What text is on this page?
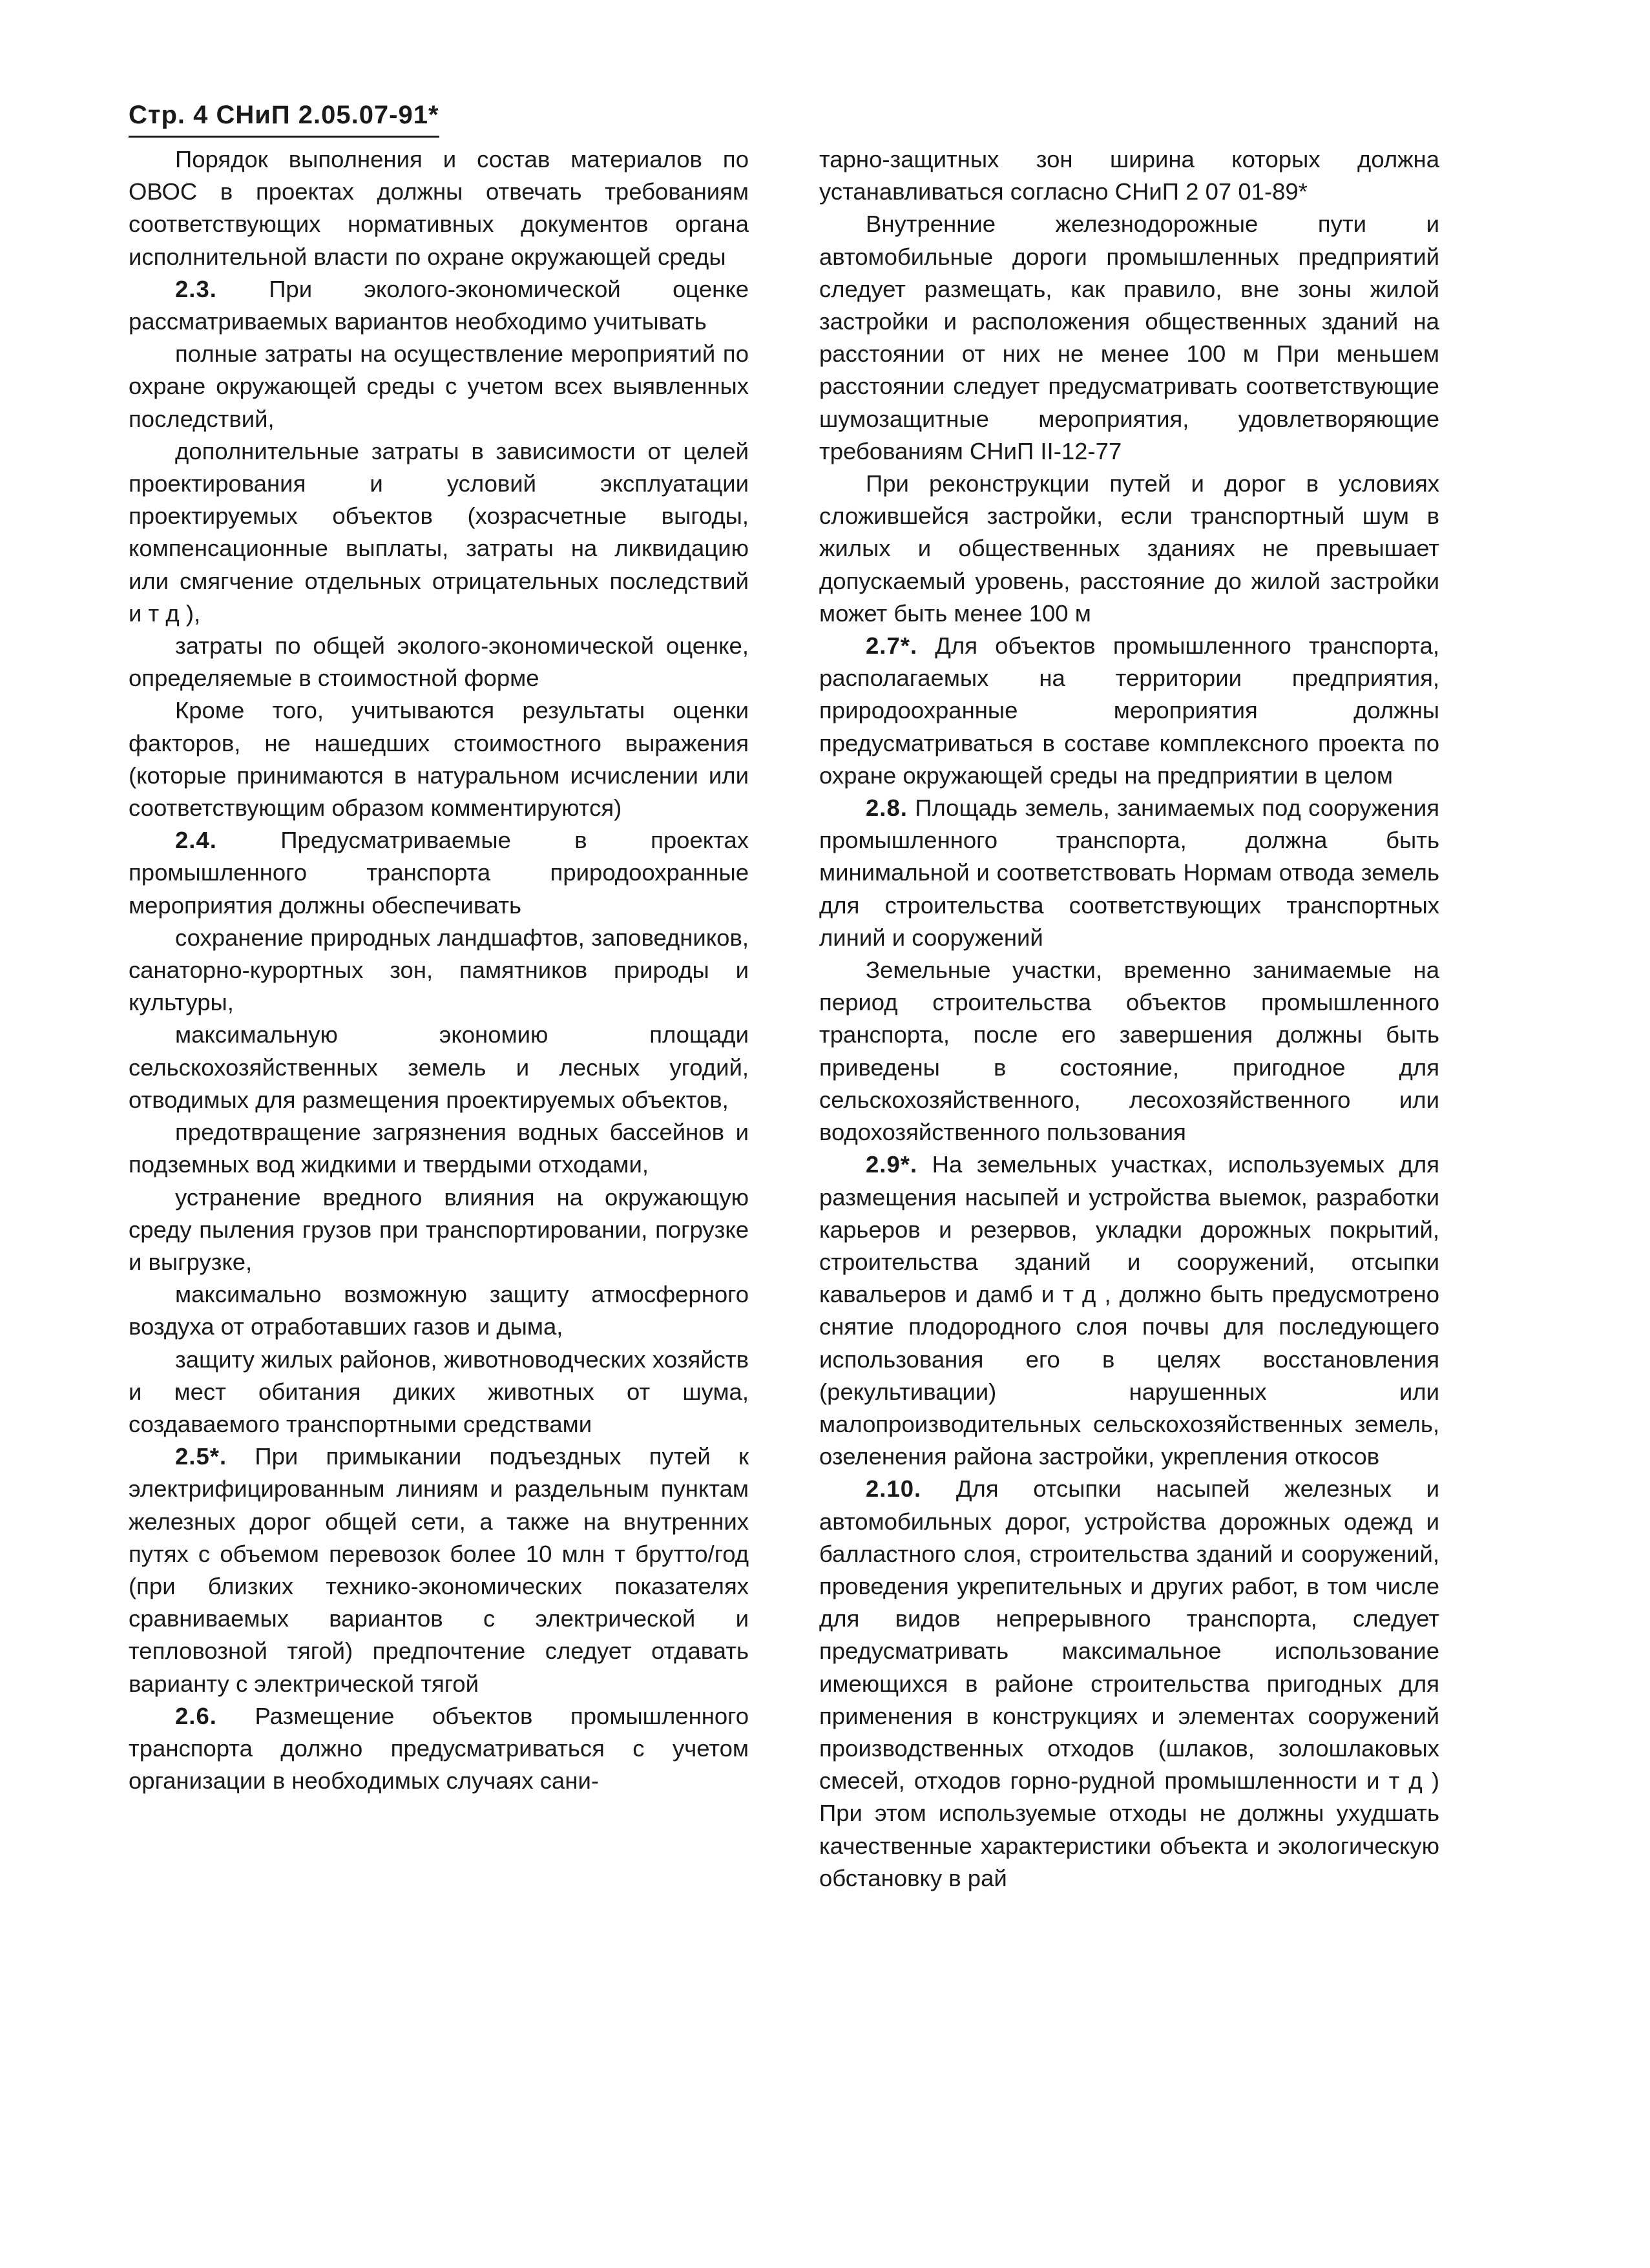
Стр. 4 СНиП 2.05.07-91*

Порядок выполнения и состав материалов по ОВОС в проектах должны отвечать требованиям соответствующих нормативных документов органа исполнительной власти по охране окружающей среды

2.3. При эколого-экономической оценке рассматриваемых вариантов необходимо учитывать

полные затраты на осуществление мероприятий по охране окружающей среды с учетом всех выявленных последствий,

дополнительные затраты в зависимости от целей проектирования и условий эксплуатации проектируемых объектов (хозрасчетные выгоды, компенсационные выплаты, затраты на ликвидацию или смягчение отдельных отрицательных последствий и т д ),

затраты по общей эколого-экономической оценке, определяемые в стоимостной форме

Кроме того, учитываются результаты оценки факторов, не нашедших стоимостного выражения (которые принимаются в натуральном исчислении или соответствующим образом комментируются)

2.4. Предусматриваемые в проектах промышленного транспорта природоохранные мероприятия должны обеспечивать

сохранение природных ландшафтов, заповедников, санаторно-курортных зон, памятников природы и культуры,

максимальную экономию площади сельскохозяйственных земель и лесных угодий, отводимых для размещения проектируемых объектов,

предотвращение загрязнения водных бассейнов и подземных вод жидкими и твердыми отходами,

устранение вредного влияния на окружающую среду пыления грузов при транспортировании, погрузке и выгрузке,

максимально возможную защиту атмосферного воздуха от отработавших газов и дыма,

защиту жилых районов, животноводческих хозяйств и мест обитания диких животных от шума, создаваемого транспортными средствами

2.5*. При примыкании подъездных путей к электрифицированным линиям и раздельным пунктам железных дорог общей сети, а также на внутренних путях с объемом перевозок более 10 млн т брутто/год (при близких технико-экономических показателях сравниваемых вариантов с электрической и тепловозной тягой) предпочтение следует отдавать варианту с электрической тягой

2.6. Размещение объектов промышленного транспорта должно предусматриваться с учетом организации в необходимых случаях сани-

тарно-защитных зон ширина которых должна устанавливаться согласно СНиП 2 07 01-89*

Внутренние железнодорожные пути и автомобильные дороги промышленных предприятий следует размещать, как правило, вне зоны жилой застройки и расположения общественных зданий на расстоянии от них не менее 100 м При меньшем расстоянии следует предусматривать соответствующие шумозащитные мероприятия, удовлетворяющие требованиям СНиП II-12-77

При реконструкции путей и дорог в условиях сложившейся застройки, если транспортный шум в жилых и общественных зданиях не превышает допускаемый уровень, расстояние до жилой застройки может быть менее 100 м

2.7*. Для объектов промышленного транспорта, располагаемых на территории предприятия, природоохранные мероприятия должны предусматриваться в составе комплексного проекта по охране окружающей среды на предприятии в целом

2.8. Площадь земель, занимаемых под сооружения промышленного транспорта, должна быть минимальной и соответствовать Нормам отвода земель для строительства соответствующих транспортных линий и сооружений

Земельные участки, временно занимаемые на период строительства объектов промышленного транспорта, после его завершения должны быть приведены в состояние, пригодное для сельскохозяйственного, лесохозяйственного или водохозяйственного пользования

2.9*. На земельных участках, используемых для размещения насыпей и устройства выемок, разработки карьеров и резервов, укладки дорожных покрытий, строительства зданий и сооружений, отсыпки кавальеров и дамб и т д , должно быть предусмотрено снятие плодородного слоя почвы для последующего использования его в целях восстановления (рекультивации) нарушенных или малопроизводительных сельскохозяйственных земель, озеленения района застройки, укрепления откосов

2.10. Для отсыпки насыпей железных и автомобильных дорог, устройства дорожных одежд и балластного слоя, строительства зданий и сооружений, проведения укрепительных и других работ, в том числе для видов непрерывного транспорта, следует предусматривать максимальное использование имеющихся в районе строительства пригодных для применения в конструкциях и элементах сооружений производственных отходов (шлаков, золошлаковых смесей, отходов горно-рудной промышленности и т д ) При этом используемые отходы не должны ухудшать качественные характеристики объекта и экологическую обстановку в рай
